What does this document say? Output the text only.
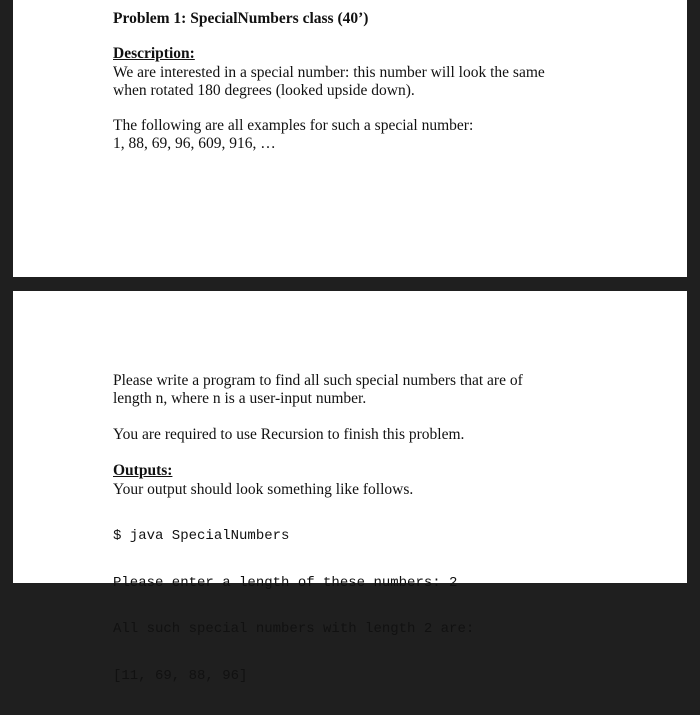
Problem 1: SpecialNumbers class (40’)
Description:
We are interested in a special number: this number will look the same
when rotated 180 degrees (looked upside down).
The following are all examples for such a special number:
1, 88, 69, 96, 609, 916, …
Please write a program to find all such special numbers that are of
length n, where n is a user-input number.
You are required to use Recursion to finish this problem.
Outputs:
Your output should look something like follows.

$ java SpecialNumbers

Please enter a length of these numbers: 2

All such special numbers with length 2 are:

[11, 69, 88, 96]
